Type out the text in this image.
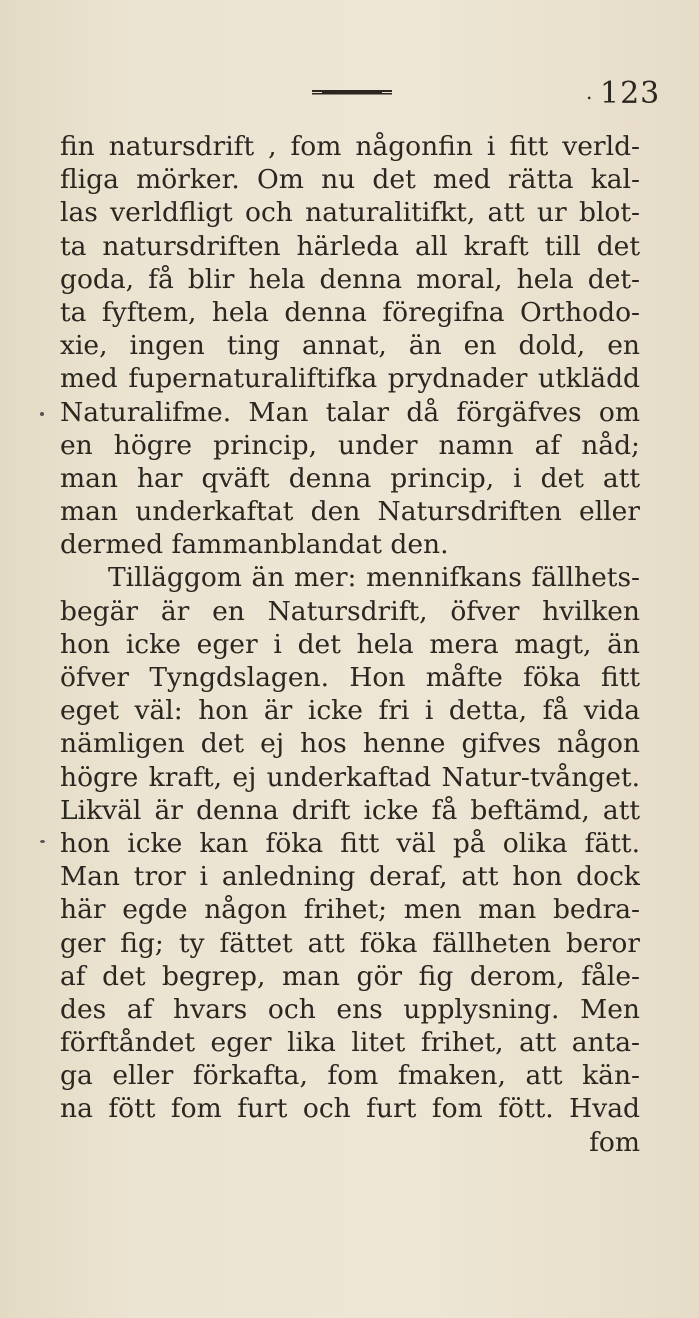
. 123
fin natursdrift , fom någonfin i fitt verld-
fliga mörker. Om nu det med rätta kal-
las verldfligt och naturalitifkt, att ur blot-
ta natursdriften härleda all kraft till det
goda, få blir hela denna moral, hela det-
ta fyftem, hela denna föregifna Orthodo-
xie, ingen ting annat, än en dold, en
med fupernaturaliftifka prydnader utklädd
Naturalifme. Man talar då förgäfves om
en högre princip, under namn af nåd;
man har qväft denna princip, i det att
man underkaftat den Natursdriften eller
dermed fammanblandat den.
Tilläggom än mer: mennifkans fällhets-
begär är en Natursdrift, öfver hvilken
hon icke eger i det hela mera magt, än
öfver Tyngdslagen. Hon måfte föka fitt
eget väl: hon är icke fri i detta, få vida
nämligen det ej hos henne gifves någon
högre kraft, ej underkaftad Natur-tvånget.
Likväl är denna drift icke få beftämd, att
hon icke kan föka fitt väl på olika fätt.
Man tror i anledning deraf, att hon dock
här egde någon frihet; men man bedra-
ger fig; ty fättet att föka fällheten beror
af det begrep, man gör fig derom, fåle-
des af hvars och ens upplysning. Men
förftåndet eger lika litet frihet, att anta-
ga eller förkafta, fom fmaken, att kän-
na fött fom furt och furt fom fött. Hvad
fom
